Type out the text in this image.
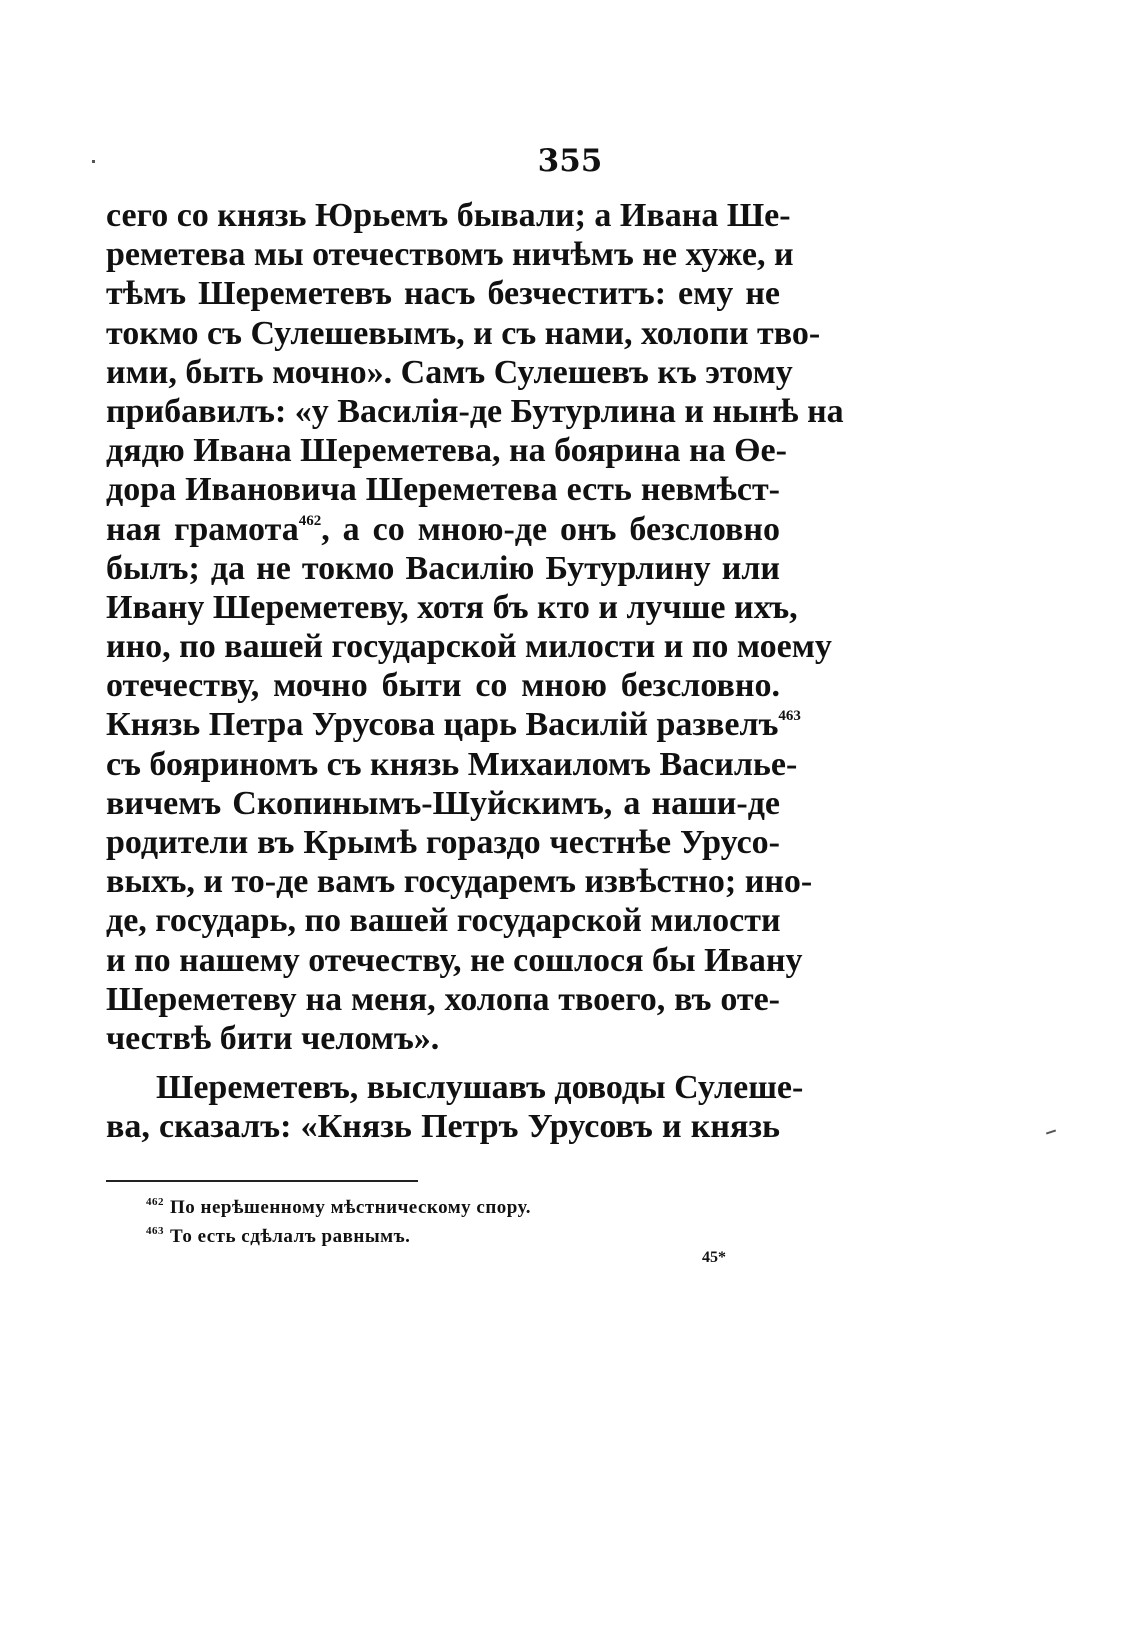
355
сего со князь Юрьемъ бывали; а Ивана Ше-
реметева мы отечествомъ ничѣмъ не хуже, и
тѣмъ Шереметевъ насъ безчеститъ: ему не
токмо съ Сулешевымъ, и съ нами, холопи тво-
ими, быть мочно». Самъ Сулешевъ къ этому
прибавилъ: «у Василія-де Бутурлина и нынѣ на
дядю Ивана Шереметева, на боярина на Өе-
дора Ивановича Шереметева есть невмѣст-
ная грамота$^{462}$, а со мною-де онъ безсловно
былъ; да не токмо Василію Бутурлину или
Ивану Шереметеву, хотя бъ кто и лучше ихъ,
ино, по вашей государской милости и по моему
отечеству, мочно быти со мною безсловно.
Князь Петра Урусова царь Василій развелъ$^{463}$
съ бояриномъ съ князь Михаиломъ Василье-
вичемъ Скопинымъ-Шуйскимъ, а наши-де
родители въ Крымѣ гораздо честнѣе Урусо-
выхъ, и то-де вамъ государемъ извѣстно; ино-
де, государь, по вашей государской милости
и по нашему отечеству, не сошлося бы Ивану
Шереметеву на меня, холопа твоего, въ оте-
чествѣ бити челомъ».
Шереметевъ, выслушавъ доводы Сулеше-
ва, сказалъ: «Князь Петръ Урусовъ и князь
$^{462}$ По нерѣшенному мѣстническому спору.
$^{463}$ То есть сдѣлалъ равнымъ.
45*
